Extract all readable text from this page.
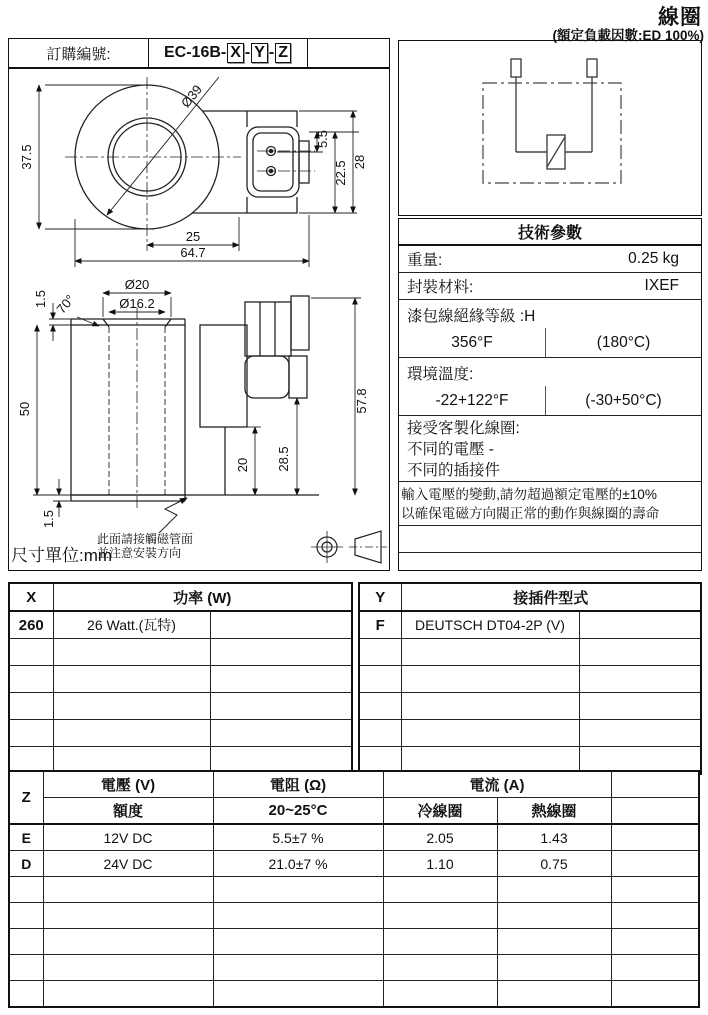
線圈
(額定負載因數:ED 100%)
訂購編號:	EC-16B- X - Y - Z
Ø39
37.5
25
64.7
5.5
22.5 28
Ø20
Ø16.2
70°
1.5
50
1.5
20 28.5
57.8
此面請接觸磁管面
並注意安裝方向
尺寸單位:mm
技術參數
重量:	0.25 kg
封裝材料:	IXEF
漆包線絕緣等級 :H
356°F	(180°C)
環境溫度:
-22+122°F	(-30+50°C)
接受客製化線圈:
不同的電壓 -
不同的插接件
輸入電壓的變動,請勿超過額定電壓的±10%
以確保電磁方向閥正常的動作與線圈的壽命
X	功率 (W)	
260	26 Watt.(瓦特)	

Y	接插件型式	
F	DEUTSCH DT04-2P (V)	

Z	電壓 (V)	電阻 (Ω)	電流 (A)		
	額度	20~25°C	冷線圈	熱線圈	
E	12V DC	5.5±7 %	2.05	1.43	
D	24V DC	21.0±7 %	1.10	0.75	
